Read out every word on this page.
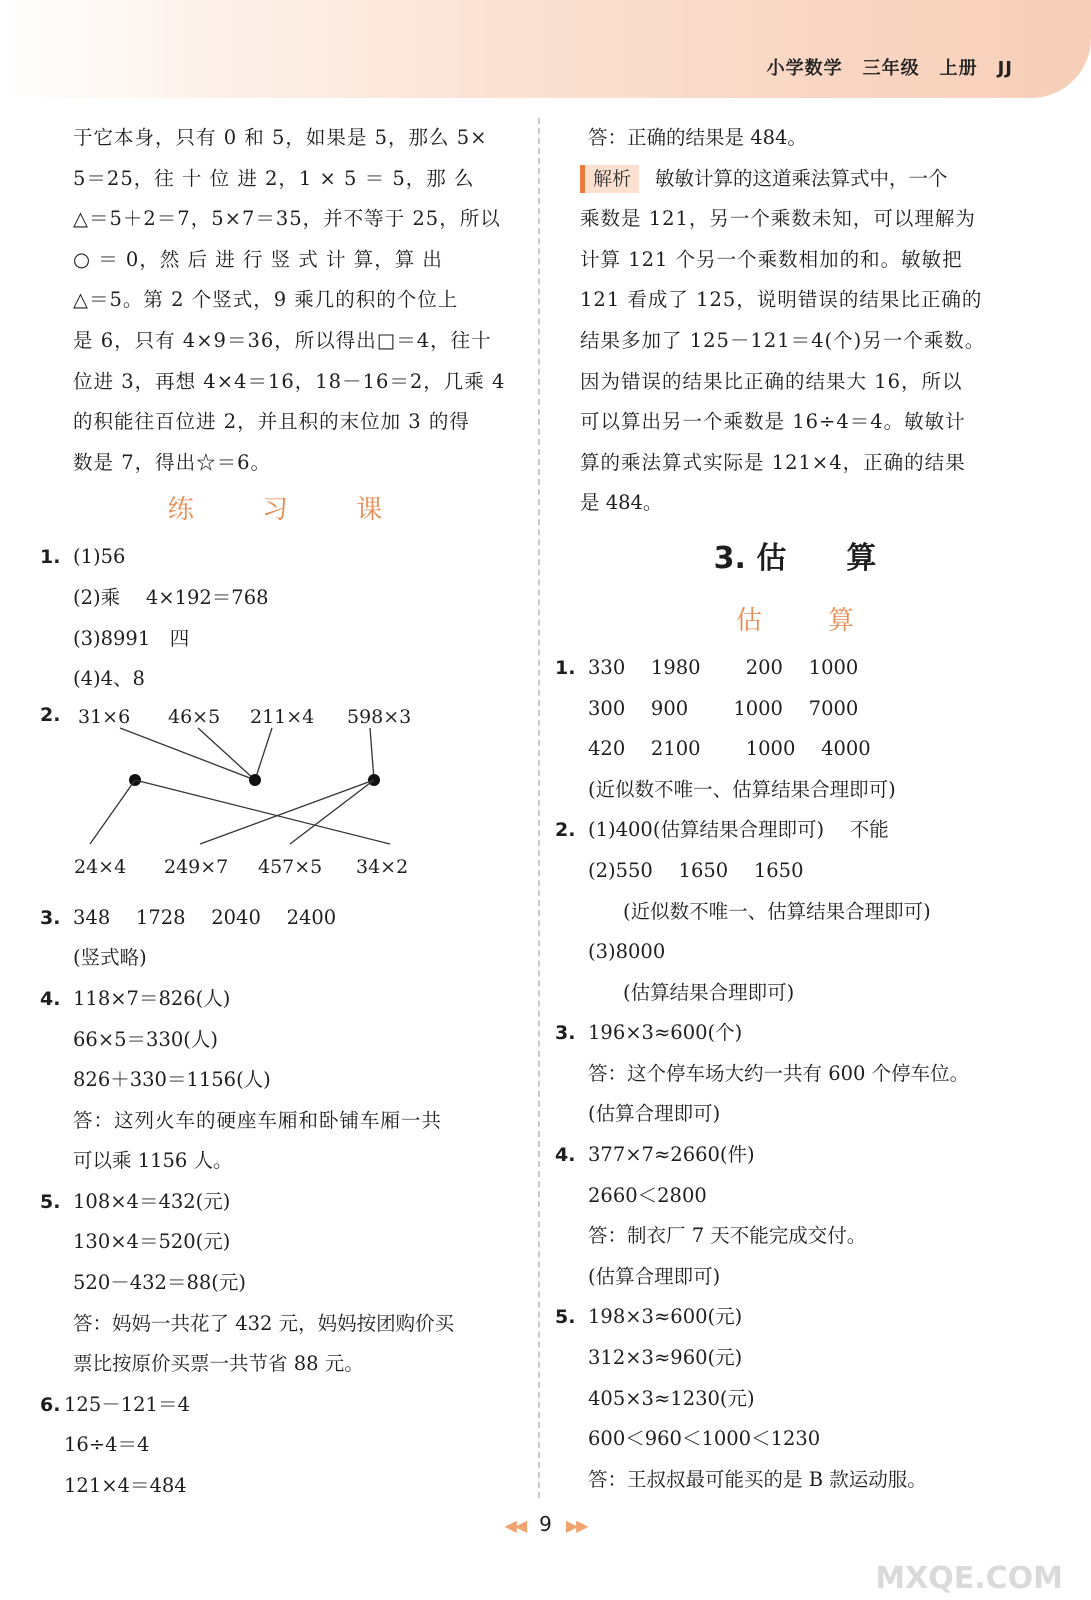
小学数学 三年级 上册 JJ
于它本身，只有 0 和 5，如果是 5，那么 5×
5＝25，往 十 位 进 2，1 × 5 ＝ 5，那 么
△＝5＋2＝7，5×7＝35，并不等于 25，所以
○ ＝ 0，然 后 进 行 竖 式 计 算，算 出
△＝5。第 2 个竖式，9 乘几的积的个位上
是 6，只有 4×9＝36，所以得出□＝4，往十
位进 3，再想 4×4＝16，18－16＝2，几乘 4
的积能往百位进 2，并且积的末位加 3 的得
数是 7，得出☆＝6。
练 习 课
1. (1)56
(2)乘　 4×192＝768
(3)8991　四
(4)4、8
2. 31×6 46×5 211×4 598×3
24×4 249×7 457×5 34×2
3. 348　 1728　 2040　 2400
(竖式略)
4. 118×7＝826(人)
66×5＝330(人)
826＋330＝1156(人)
答：这列火车的硬座车厢和卧铺车厢一共
可以乘 1156 人。
5. 108×4＝432(元)
130×4＝520(元)
520－432＝88(元)
答：妈妈一共花了 432 元，妈妈按团购价买
票比按原价买票一共节省 88 元。
6. 125－121＝4
16÷4＝4
121×4＝484
答：正确的结果是 484。
解析 敏敏计算的这道乘法算式中，一个
乘数是 121，另一个乘数未知，可以理解为
计算 121 个另一个乘数相加的和。敏敏把
121 看成了 125，说明错误的结果比正确的
结果多加了 125－121＝4(个)另一个乘数。
因为错误的结果比正确的结果大 16，所以
可以算出另一个乘数是 16÷4＝4。敏敏计
算的乘法算式实际是 121×4，正确的结果
是 484。
3. 估　　算
估　算
1. 330　 1980　　 200　 1000
300　 900　　 1000　 7000
420　 2100　　 1000　 4000
(近似数不唯一、估算结果合理即可)
2. (1)400(估算结果合理即可)　 不能
(2)550　 1650　 1650
(近似数不唯一、估算结果合理即可)
(3)8000
(估算结果合理即可)
3. 196×3≈600(个)
答：这个停车场大约一共有 600 个停车位。
(估算合理即可)
4. 377×7≈2660(件)
2660＜2800
答：制衣厂 7 天不能完成交付。
(估算合理即可)
5. 198×3≈600(元)
312×3≈960(元)
405×3≈1230(元)
600＜960＜1000＜1230
答：王叔叔最可能买的是 B 款运动服。
◀◀ 9 ▶▶
MXQE.COM
